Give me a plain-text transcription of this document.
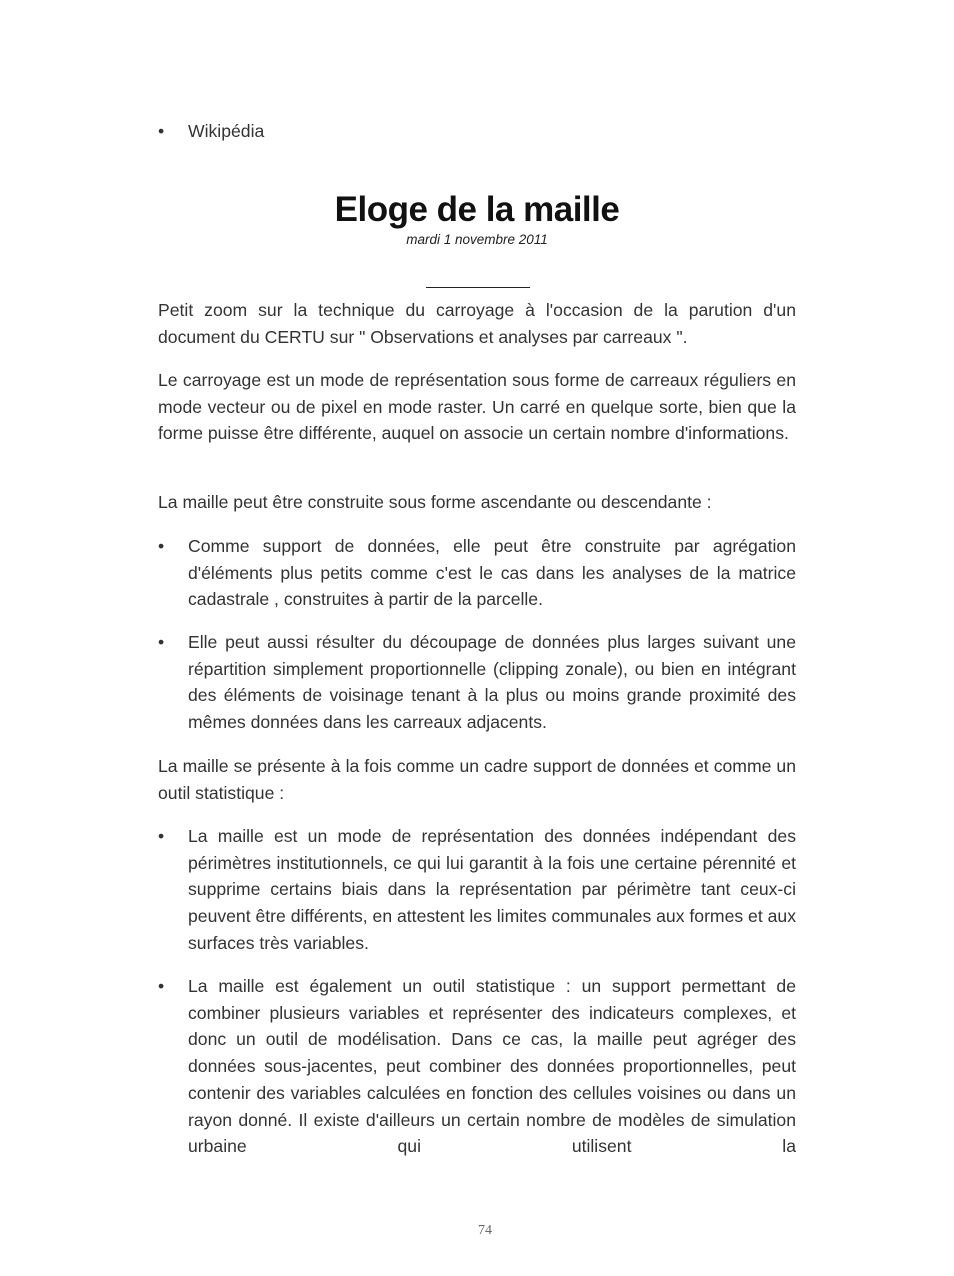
• Wikipédia
Eloge de la maille
mardi 1 novembre 2011
Petit zoom sur la technique du carroyage à l'occasion de la parution d'un document du CERTU sur " Observations et analyses par carreaux ".
Le carroyage est un mode de représentation sous forme de carreaux réguliers en mode vecteur ou de pixel en mode raster. Un carré en quelque sorte, bien que la forme puisse être différente, auquel on associe un certain nombre d'informations.
La maille peut être construite sous forme ascendante ou descendante :
• Comme support de données, elle peut être construite par agrégation d'éléments plus petits comme c'est le cas dans les analyses de la matrice cadastrale , construites à partir de la parcelle.
• Elle peut aussi résulter du découpage de données plus larges suivant une répartition simplement proportionnelle (clipping zonale), ou bien en intégrant des éléments de voisinage tenant à la plus ou moins grande proximité des mêmes données dans les carreaux adjacents.
La maille se présente à la fois comme un cadre support de données et comme un outil statistique :
• La maille est un mode de représentation des données indépendant des périmètres institutionnels, ce qui lui garantit à la fois une certaine pérennité et supprime certains biais dans la représentation par périmètre tant ceux-ci peuvent être différents, en attestent les limites communales aux formes et aux surfaces très variables.
• La maille est également un outil statistique : un support permettant de combiner plusieurs variables et représenter des indicateurs complexes, et donc un outil de modélisation. Dans ce cas, la maille peut agréger des données sous-jacentes, peut combiner des données proportionnelles, peut contenir des variables calculées en fonction des cellules voisines ou dans un rayon donné. Il existe d'ailleurs un certain nombre de modèles de simulation urbaine qui utilisent la
74
